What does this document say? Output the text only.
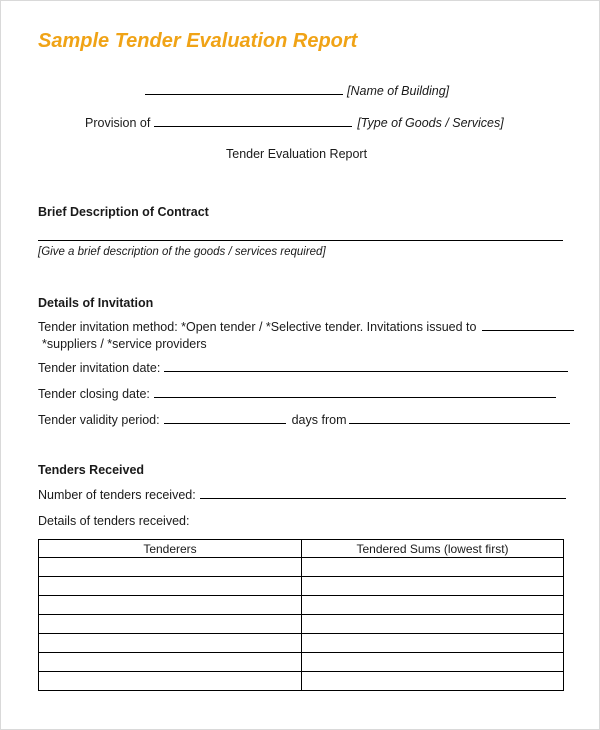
Sample Tender Evaluation Report
[Name of Building]
Provision of	[Type of Goods / Services]
Tender Evaluation Report
Brief Description of Contract
[Give a brief description of the goods / services required]
Details of Invitation
Tender invitation method: *Open tender / *Selective tender. Invitations issued to
*suppliers / *service providers
Tender invitation date:
Tender closing date:
Tender validity period:	days from
Tenders Received
Number of tenders received:
Details of tenders received:
Tenderers	Tendered Sums (lowest first)
